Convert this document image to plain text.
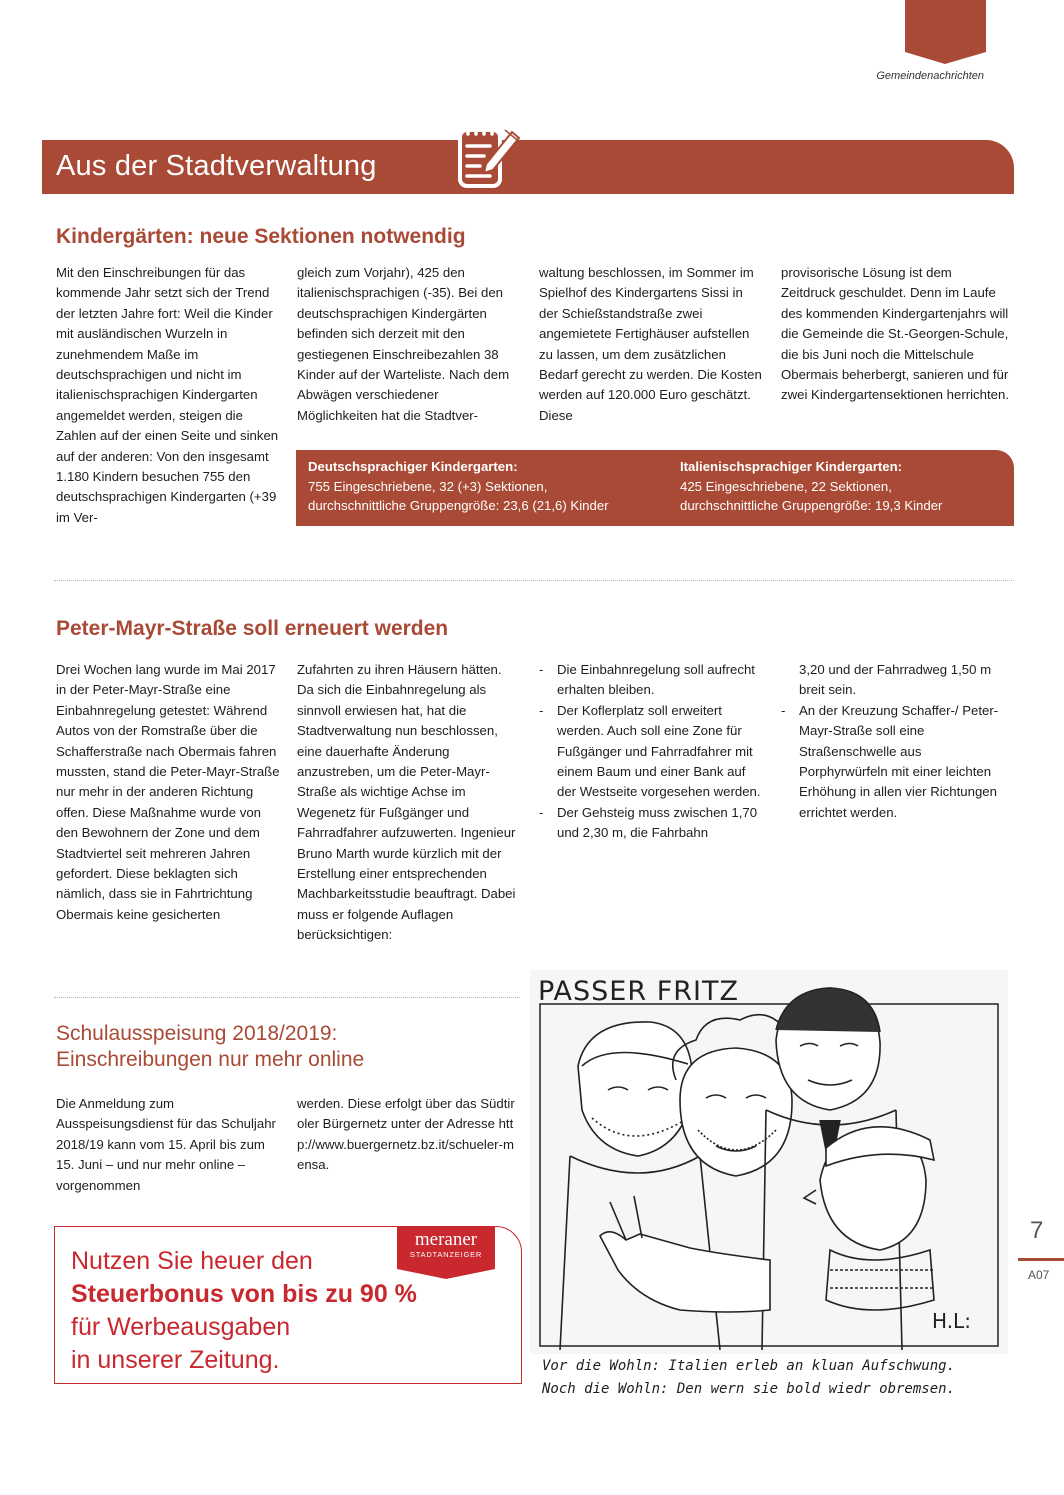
Gemeindenachrichten
Aus der Stadtverwaltung
Kindergärten: neue Sektionen notwendig

Mit den Einschreibungen für das kommende Jahr setzt sich der Trend der letzten Jahre fort: Weil die Kinder mit ausländischen Wurzeln in zunehmendem Maße im deutschsprachigen und nicht im italienischsprachigen Kindergarten angemeldet werden, steigen die Zahlen auf der einen Seite und sinken auf der anderen: Von den insgesamt 1.180 Kindern besuchen 755 den deutschsprachigen Kindergarten (+39 im Ver-

gleich zum Vorjahr), 425 den italienischsprachigen (-35). Bei den deutschsprachigen Kindergärten befinden sich derzeit mit den gestiegenen Einschreibezahlen 38 Kinder auf der Warteliste. Nach dem Abwägen verschiedener Möglichkeiten hat die Stadtver-

waltung beschlossen, im Sommer im Spielhof des Kindergartens Sissi in der Schießstandstraße zwei angemietete Fertighäuser aufstellen zu lassen, um dem zusätzlichen Bedarf gerecht zu werden. Die Kosten werden auf 120.000 Euro geschätzt. Diese

provisorische Lösung ist dem Zeitdruck geschuldet. Denn im Laufe des kommenden Kindergartenjahrs will die Gemeinde die St.-Georgen-Schule, die bis Juni noch die Mittelschule Obermais beherbergt, sanieren und für zwei Kindergartensektionen herrichten.

Deutschsprachiger Kindergarten:
755 Eingeschriebene, 32 (+3) Sektionen,
durchschnittliche Gruppengröße: 23,6 (21,6) Kinder
Italienischsprachiger Kindergarten:
425 Eingeschriebene, 22 Sektionen,
durchschnittliche Gruppengröße: 19,3 Kinder
Peter-Mayr-Straße soll erneuert werden

Drei Wochen lang wurde im Mai 2017 in der Peter-Mayr-Straße eine Einbahnregelung getestet: Während Autos von der Romstraße über die Schafferstraße nach Obermais fahren mussten, stand die Peter-Mayr-Straße nur mehr in der anderen Richtung offen. Diese Maßnahme wurde von den Bewohnern der Zone und dem Stadtviertel seit mehreren Jahren gefordert. Diese beklagten sich nämlich, dass sie in Fahrtrichtung Obermais keine gesicherten

Zufahrten zu ihren Häusern hätten. Da sich die Einbahnregelung als sinnvoll erwiesen hat, hat die Stadtverwaltung nun beschlossen, eine dauerhafte Änderung anzustreben, um die Peter-Mayr-Straße als wichtige Achse im Wegenetz für Fußgänger und Fahrradfahrer aufzuwerten. Ingenieur Bruno Marth wurde kürzlich mit der Erstellung einer entsprechenden Machbarkeitsstudie beauftragt. Dabei muss er folgende Auflagen berücksichtigen:

- Die Einbahnregelung soll aufrecht erhalten bleiben.
- Der Koflerplatz soll erweitert werden. Auch soll eine Zone für Fußgänger und Fahrradfahrer mit einem Baum und einer Bank auf der Westseite vorgesehen werden.
- Der Gehsteig muss zwischen 1,70 und 2,30 m, die Fahrbahn

3,20 und der Fahrradweg 1,50 m breit sein.

- An der Kreuzung Schaffer-/ Peter-Mayr-Straße soll eine Straßenschwelle aus Porphyrwürfeln mit einer leichten Erhöhung in allen vier Richtungen errichtet werden.
Schulausspeisung 2018/2019:
Einschreibungen nur mehr online

Die Anmeldung zum Ausspeisungsdienst für das Schuljahr 2018/19 kann vom 15. April bis zum 15. Juni – und nur mehr online – vorgenommen

werden. Diese erfolgt über das Südtiroler Bürgernetz unter der Adresse http://www.buergernetz.bz.it/schueler-mensa.

Nutzen Sie heuer den
Steuerbonus von bis zu 90 %
für Werbeausgaben
in unserer Zeitung.
meraner
STADTANZEIGER
PASSER FRITZ
H.L:
Vor die Wohln: Italien erleb an kluan Aufschwung.
Noch die Wohln: Den wern sie bold wiedr obremsen.
7
A07
